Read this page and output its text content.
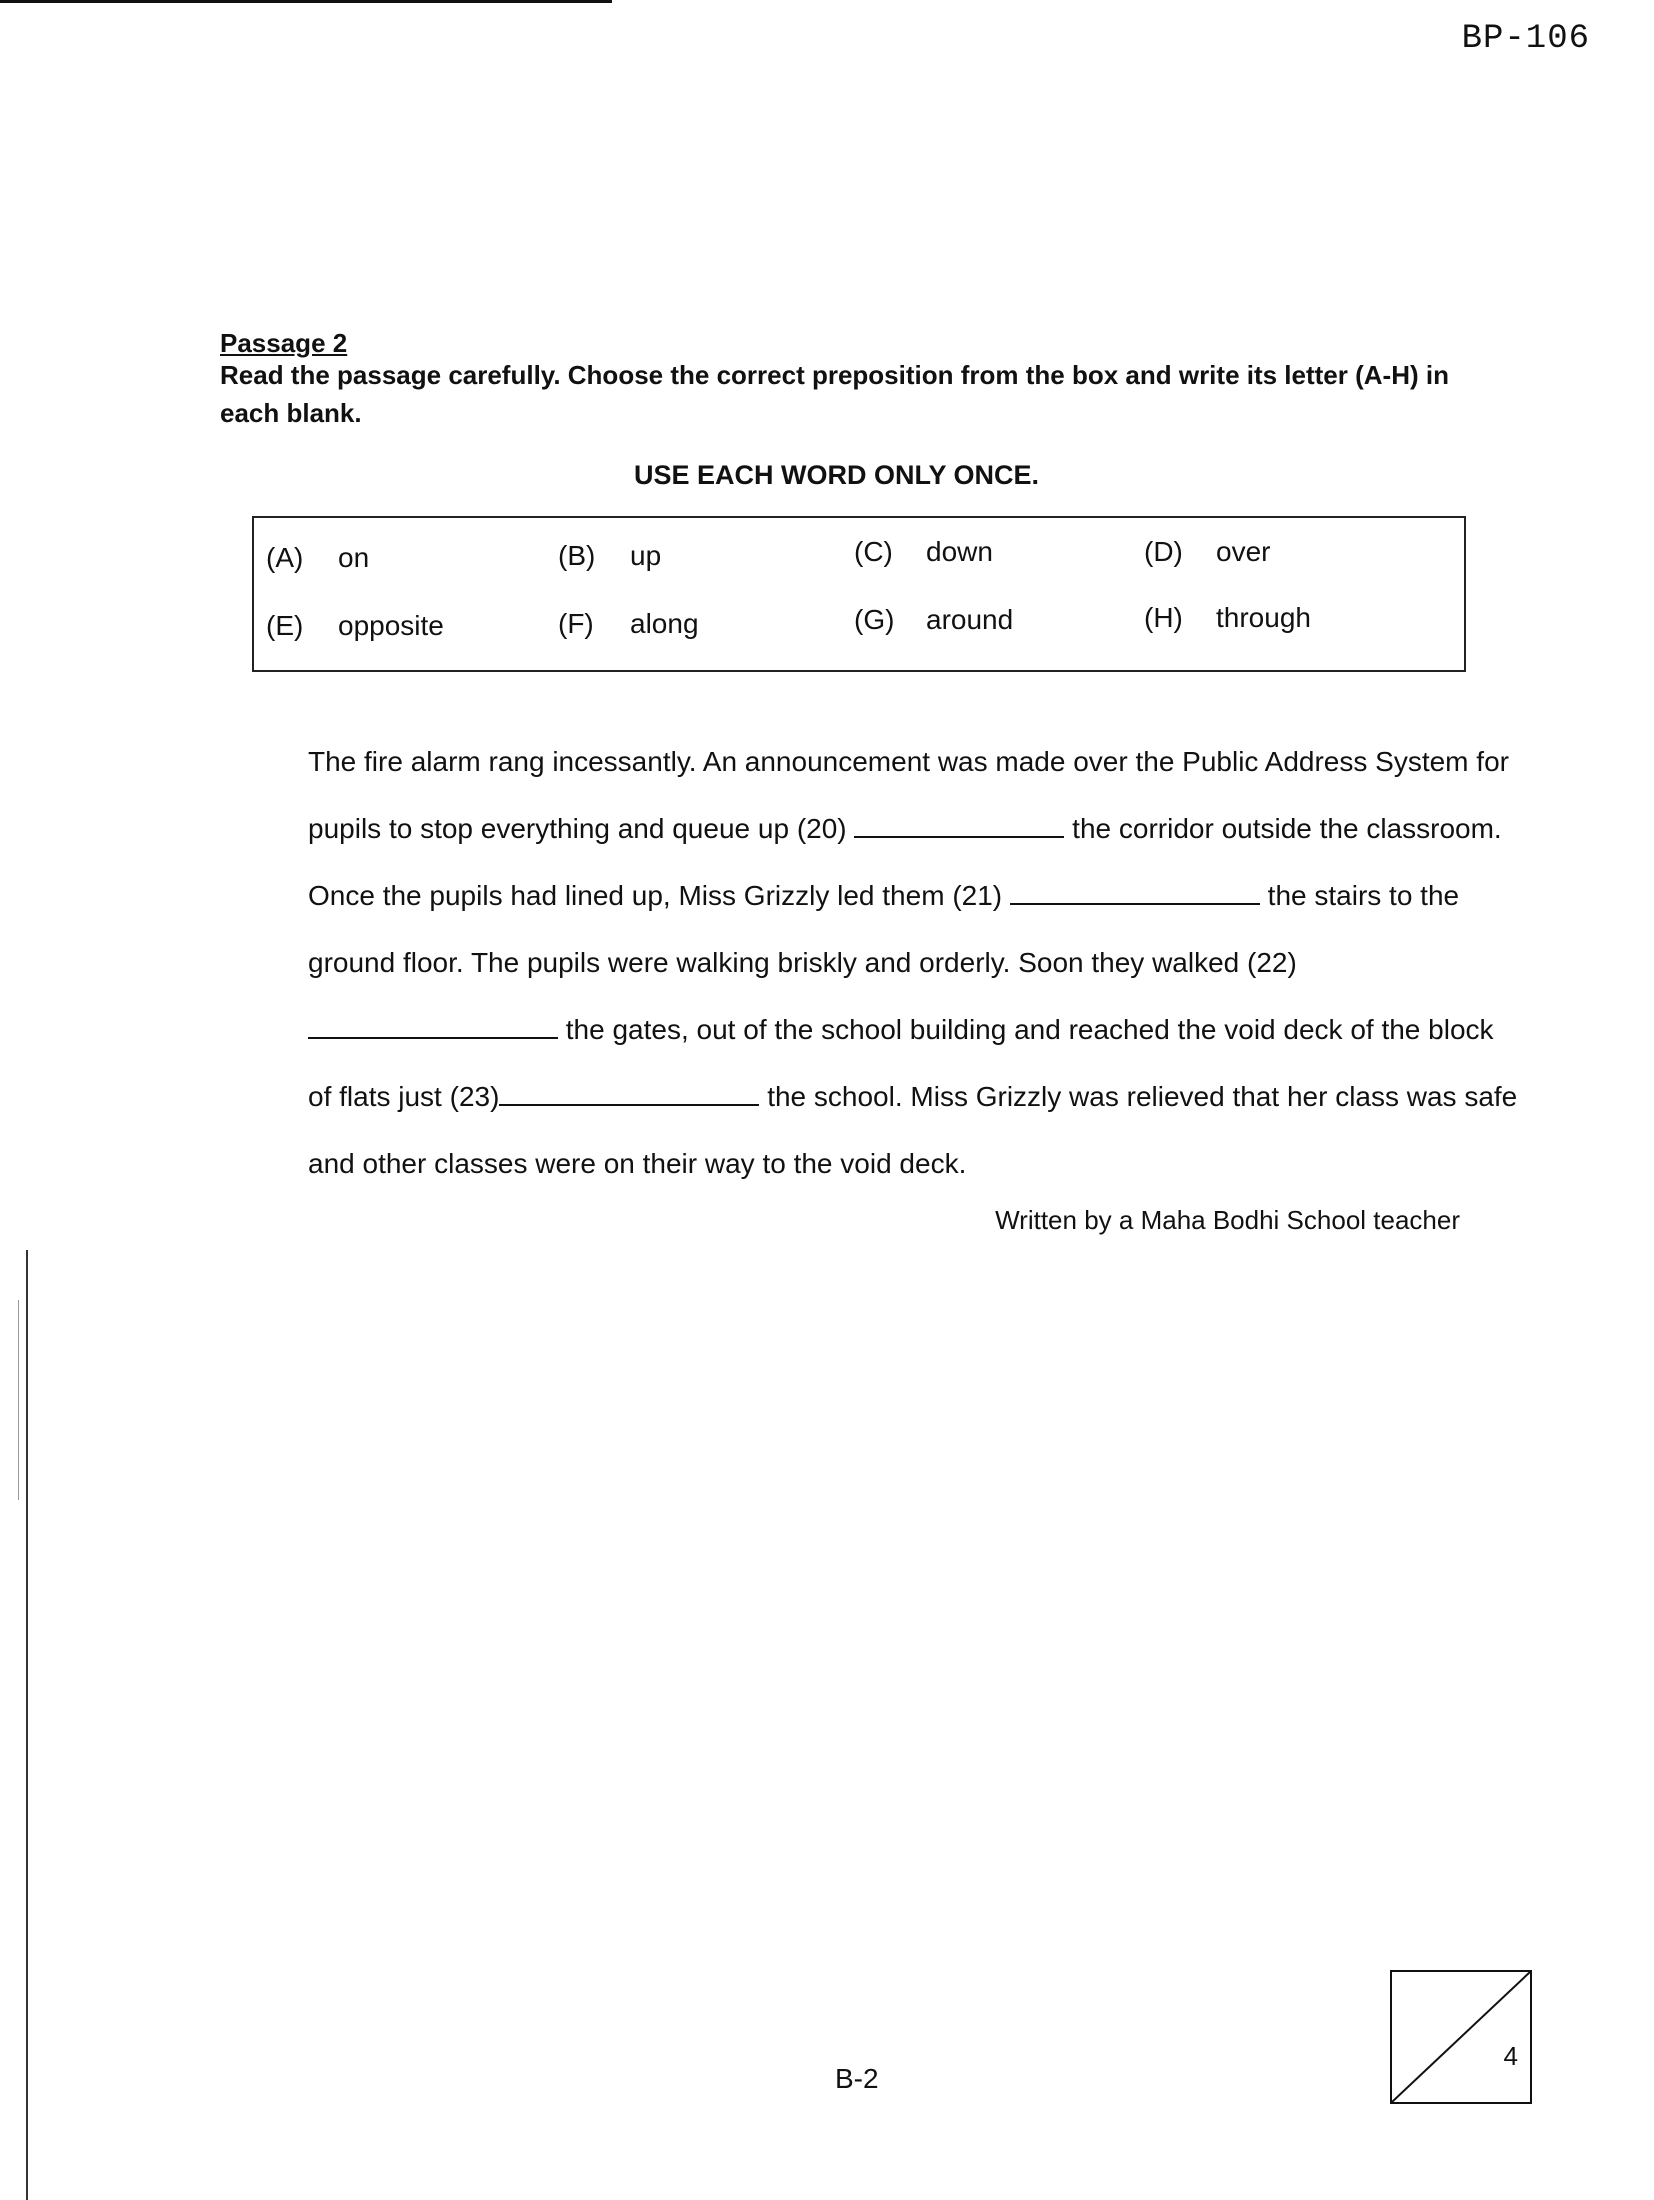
BP-106
Passage 2
Read the passage carefully. Choose the correct preposition from the box and write its letter (A-H) in each blank.
USE EACH WORD ONLY ONCE.
(A)	on	(B)	up	(C)	down	(D)	over
(E)	opposite	(F)	along	(G)	around	(H)	through

The fire alarm rang incessantly. An announcement was made over the Public Address System for pupils to stop everything and queue up (20)	the corridor outside the classroom. Once the pupils had lined up, Miss Grizzly led them (21)	the stairs to the ground floor. The pupils were walking briskly and orderly. Soon they walked (22) the gates, out of the school building and reached the void deck of the block of flats just (23)	the school. Miss Grizzly was relieved that her class was safe and other classes were on their way to the void deck.

Written by a Maha Bodhi School teacher
B-2
4
